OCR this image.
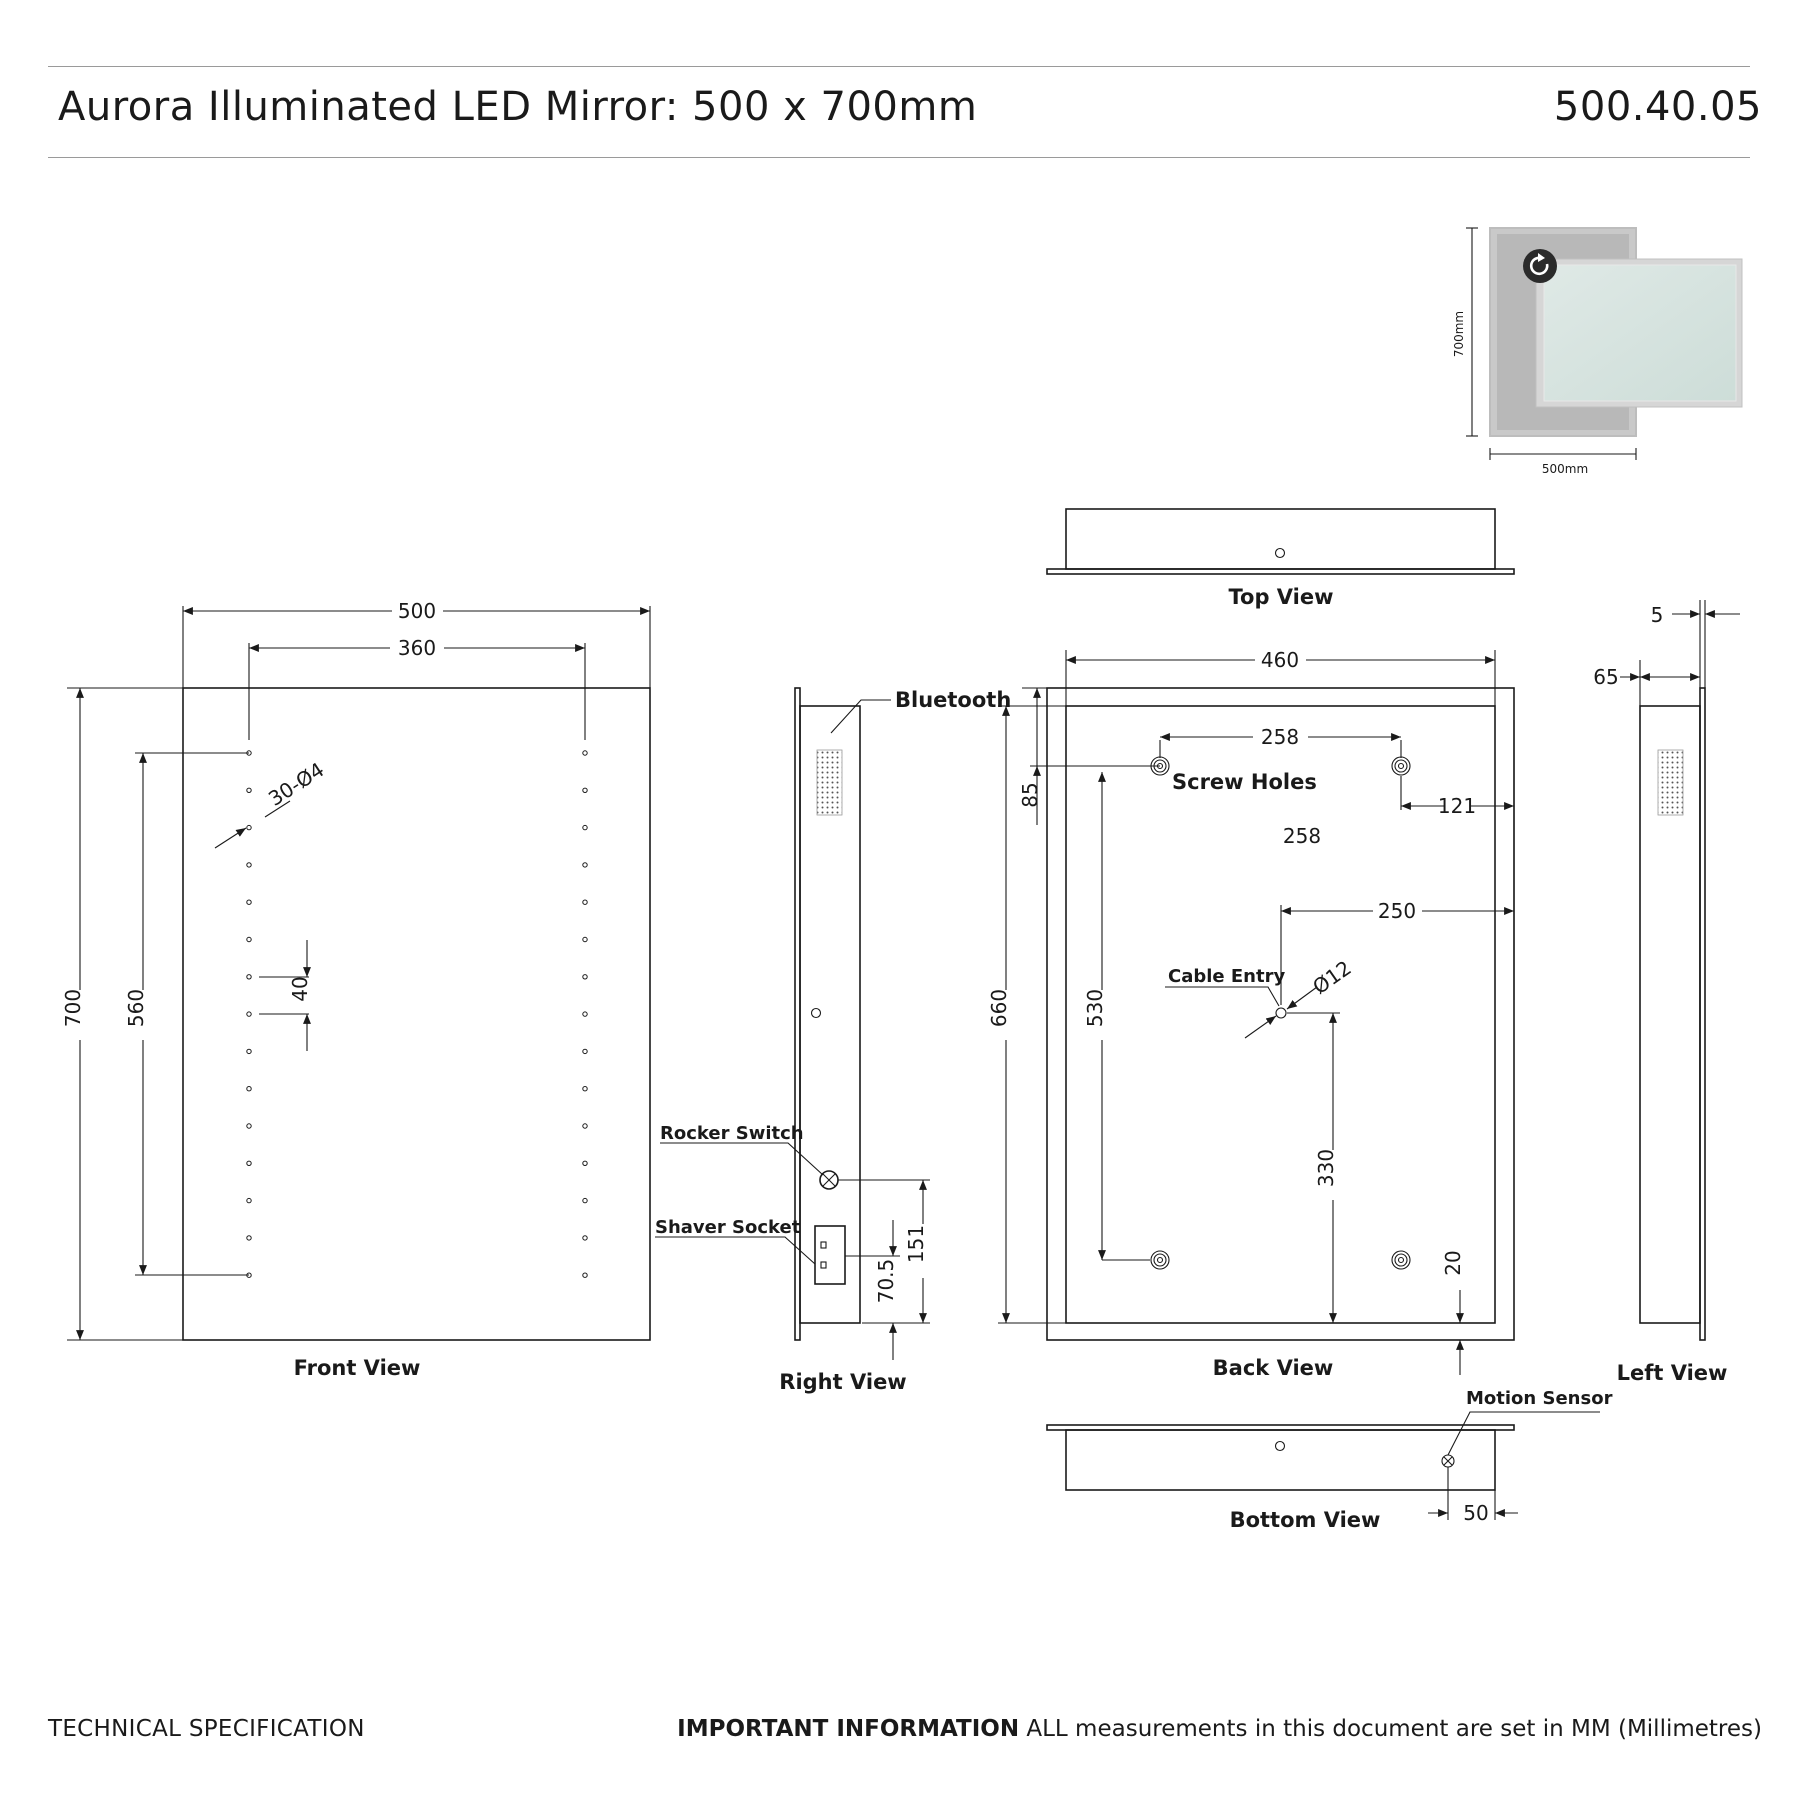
Aurora Illuminated LED Mirror: 500 x 700mm	500.40.05
700mm
500mm
500
360
700 560
30-Ø4
40
Front View
Bluetooth
Rocker Switch
Shaver Socket	151
70.5
Right View
Top View
460
660
85
258
Screw Holes
258
121
530
250
Cable Entry Ø12
330
20
Back View
Motion Sensor
50
Bottom View
5
65
Left View
TECHNICAL SPECIFICATION	IMPORTANT INFORMATION ALL measurements in this document are set in MM (Millimetres)
